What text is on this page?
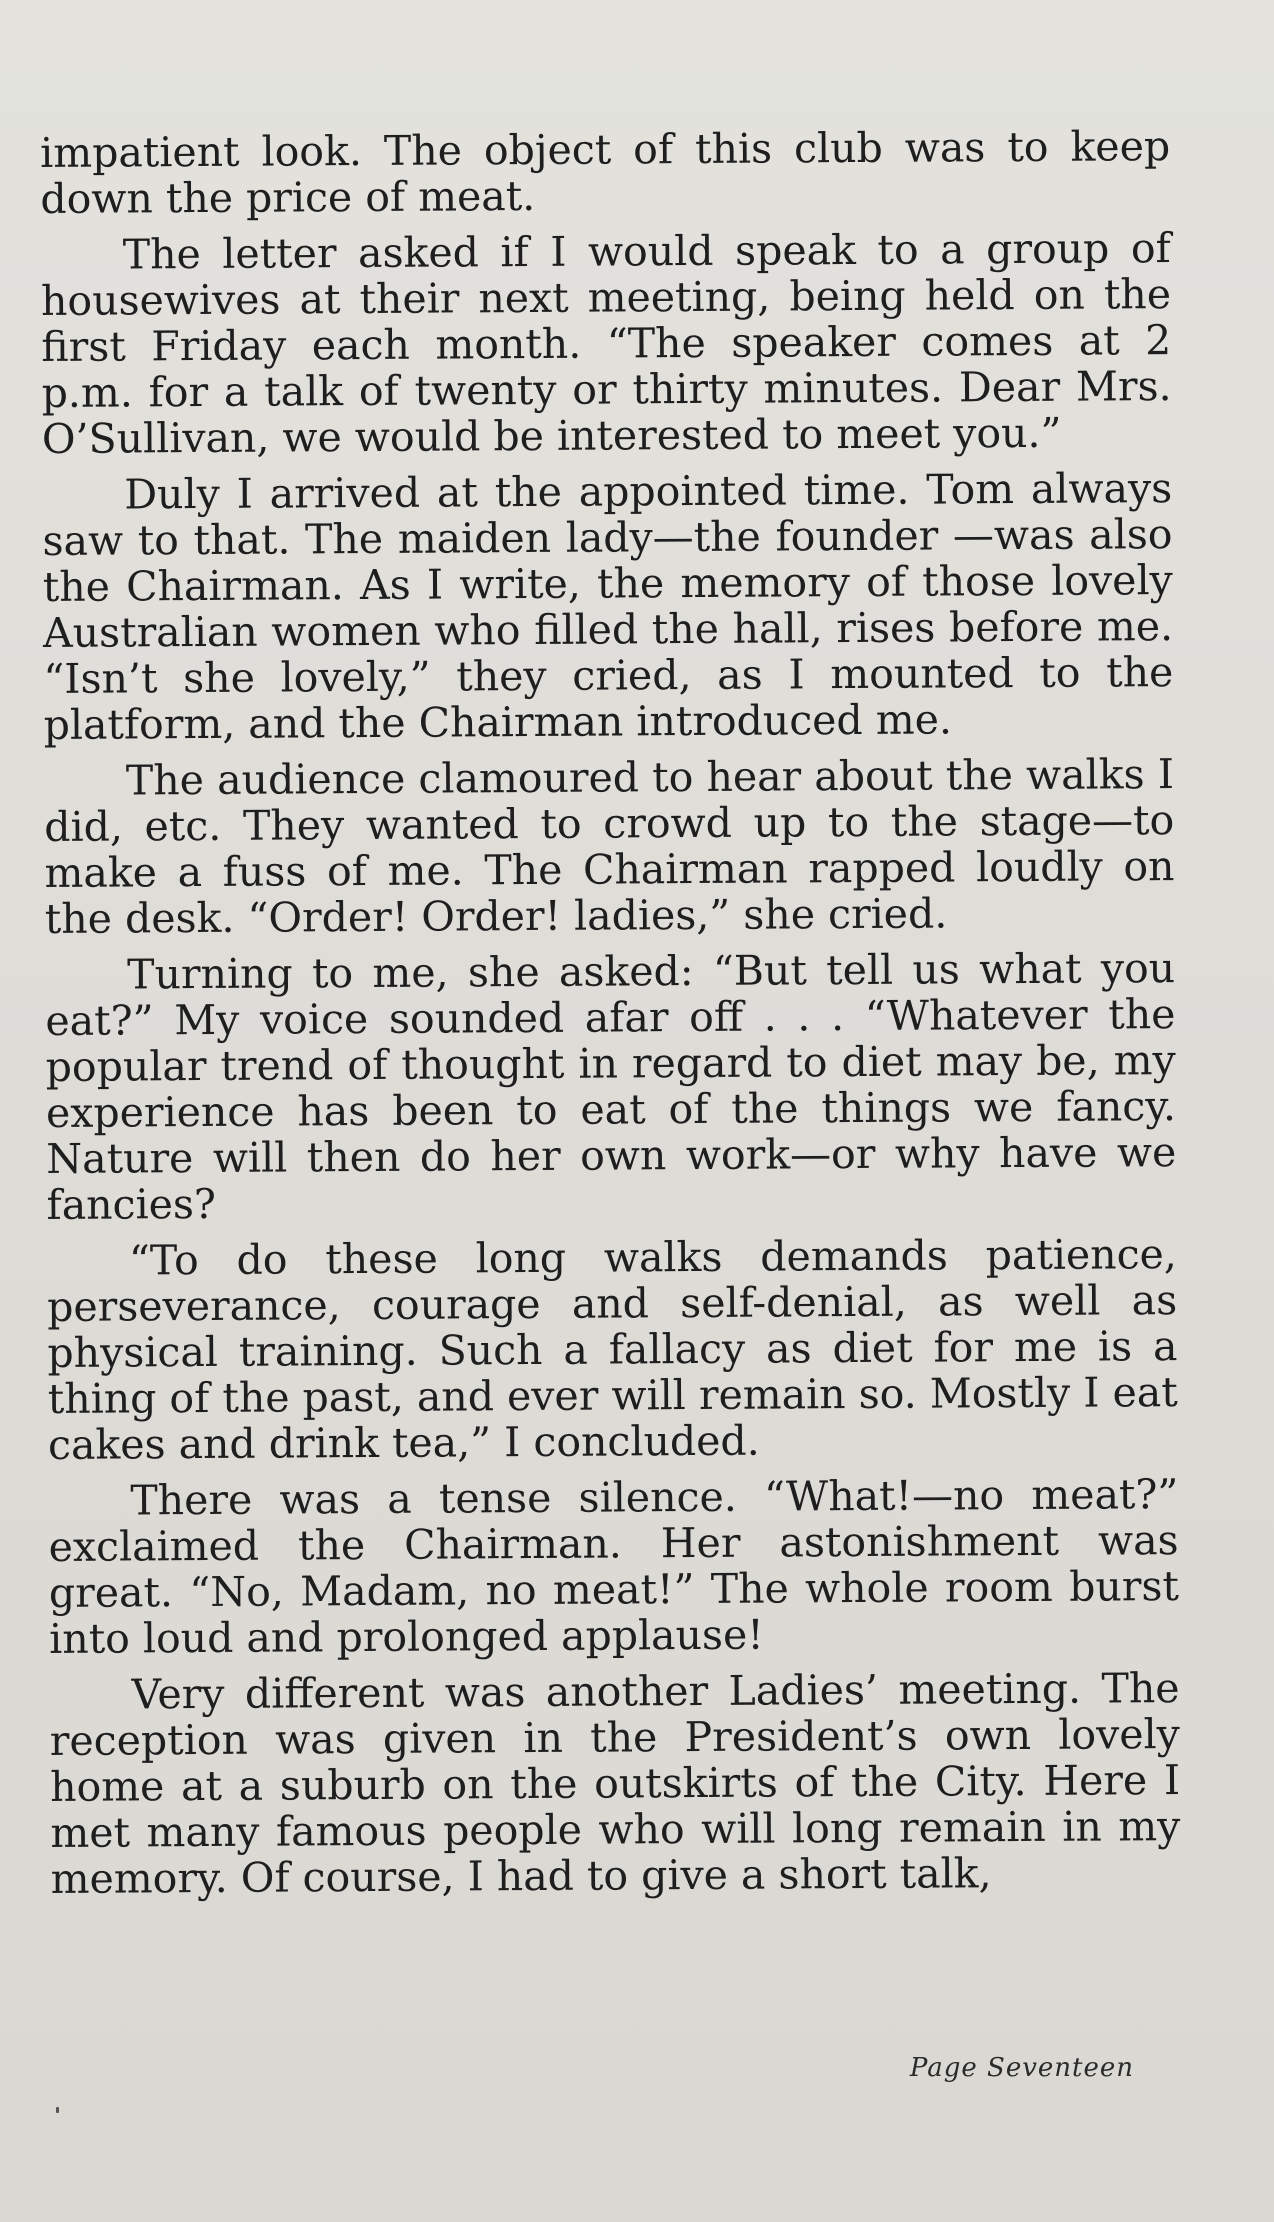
impatient look. The object of this club was to keep down the price of meat.

The letter asked if I would speak to a group of housewives at their next meeting, being held on the first Friday each month. “The speaker comes at 2 p.m. for a talk of twenty or thirty minutes. Dear Mrs. O’Sullivan, we would be interested to meet you.”

Duly I arrived at the appointed time. Tom always saw to that. The maiden lady—the founder —was also the Chairman. As I write, the memory of those lovely Australian women who filled the hall, rises before me. “Isn’t she lovely,” they cried, as I mounted to the platform, and the Chairman introduced me.

The audience clamoured to hear about the walks I did, etc. They wanted to crowd up to the stage—to make a fuss of me. The Chairman rapped loudly on the desk. “Order! Order! ladies,” she cried.

Turning to me, she asked: “But tell us what you eat?” My voice sounded afar off . . . “Whatever the popular trend of thought in regard to diet may be, my experience has been to eat of the things we fancy. Nature will then do her own work—or why have we fancies?

“To do these long walks demands patience, perseverance, courage and self-denial, as well as physical training. Such a fallacy as diet for me is a thing of the past, and ever will remain so. Mostly I eat cakes and drink tea,” I concluded.

There was a tense silence. “What!—no meat?” exclaimed the Chairman. Her astonishment was great. “No, Madam, no meat!” The whole room burst into loud and prolonged applause!

Very different was another Ladies’ meeting. The reception was given in the President’s own lovely home at a suburb on the outskirts of the City. Here I met many famous people who will long remain in my memory. Of course, I had to give a short talk,

Page Seventeen
